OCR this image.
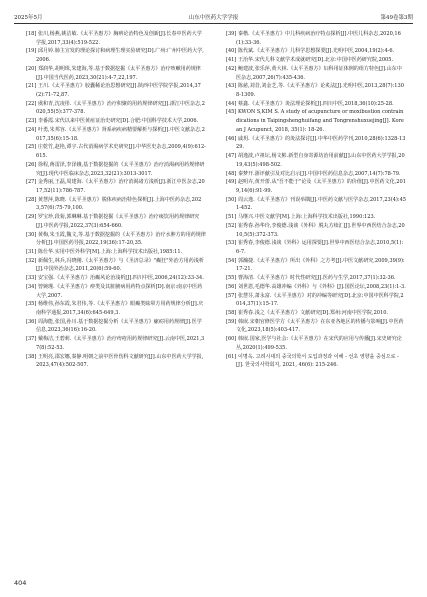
2025年5月	山东中医药大学学报	第49卷第3期

[18] 张川,杨燕,姚洁敏.《太平圣惠方》胸痹论治特色及创新[J].长春中医药大学学报,2017,33(4):519-522.

[19] 邱月婷.肺主宣发的理论探讨和病理生理实验研究[D].广州:广州中医药大学,2006.

[20] 郑润华,胡明珠,朱建海,等.基于数据挖掘《太平圣惠方》治疗咳嗽用药规律[J].中国当代医药,2023,30(21):4-7,22,197.

[21] 王川.《太平圣惠方》胶囊稀论治思想研究[J].陕西中医学院学报,2014,37(2):71-72,87.

[22] 虞和青,沈凌彤.《太平圣惠方》治疗积聚的用药规律研究[J].浙江中医杂志,2020,55(5):377-378.

[23] 李番霞.宋代以来中医黄疸证治史研究[D].合肥:中国科学技术大学,2006.

[24] 叶勇,朱邦容.《太平圣惠方》肾系病疾病精要解析与探析[J].中医文献杂志,2017,35(6):15-18.

[25] 庄乾竹,赵艳,谭宇.古代消渴病学术史研究[J].中华医史杂志,2009,4(9):612-615.

[26] 徐程,蒋雷泽,李泽娥,基于数据挖掘的《太平圣惠方》治疗消渴病用药规律研究[J].现代中医临床杂志,2023,32(21):3013-3017.

[27] 金秀丽,王磊,周建海.《太平圣惠方》治疗消渴诸方浅析[J].浙江中医杂志,2017,52(11):786-787.

[28] 黄慧萍,陈晓.《太平圣惠方》脱体疾病治特色探析[J].上海中医药杂志,2023,57(6):75-79,100.

[29] 罗宝珍,段菊,郭琳琳.基于数据挖掘《太平圣惠方》治疗痰饮用药规律研究[J].中医药学报,2022,37(3):654-660.

[30] 黄梅,朱玉霞,魏文,等.基于数据挖掘的《太平圣惠方》治疗水肿方的用药规律分析[J].中国医药导报,2022,19(36):17-20,35.

[31] 陈仕华.实用中医外科学[M].上海:上海科学技术出版社,1985:11.

[32] 新佩生,林兵,冯晓刚.《太平圣惠方》与《圣济总录》"癫狂"外治方用药浅析[J].中国外治杂志,2011,20(6):59-60.

[33] 安宝强.《太平圣惠方》治癫风论治浅析[J].四川中医,2006,24(12):33-34.

[34] 曾婉瑾.《太平圣惠方》痹类及其脏腑病用药特点探析[D].南京:南京中医药大学,2007.

[35] 杨维伟,孙东霞,朱君伟,等.《太平圣惠方》眼癫类眩晕方用药规律分析[J].庆南科学通报,2017,34(6):645-649,3.

[36] 周海能,张国,孙川.基于数据挖掘分析《太平圣惠方》瘰疬用药规律[J].医学信息,2023,36(16):16-20.

[37] 戴梅洁,王碧莉.《太平圣惠方》治疗痔疮用药规律研究[J].云南中医,2021,37(8):52-53.

[38] 王明亮,邵宏娜,秦静.明朝之前中医骨伤科文献研究[J].山东中医药大学学报,2023,47(4):502-507.

[39] 秦楷.《太平圣惠方》中儿科疾病治疗特点探析[J].中医儿科杂志,2020,16(1):33-36.

[40] 陈代斌.《太平圣惠方》儿科学思想探要[J].光明中医,2004,19(2):4-6.

[41] 王治华.宋代儿科文献学术成就研究[D].北京:中国中医药研究院,2005.

[42] 鲍建波,张乐萍,黄大林.《太平圣惠方》妇科用证体例的组方特色[J].山东中医杂志,2007,26(7):435-436.

[43] 陈慈,刘昔,刘金芝,等.《太平圣惠方》论炙法[J].光明中医,2013,28(7):1308-1309.

[44] 蔡鑫.《太平圣惠方》灸法理论探析[J].四川中医,2018,36(10):25-28.

[45] KWON S,KIM S. A study of acupuncture or moxibustion contraindications in Taipingshenghuifang and Tongrenshuxuejing[J]. Korean J Acupunct, 2018, 35(1): 18-26.

[46] 戚玥.《太平圣惠方》的灸法探讨[J].中华中医药学刊,2010,28(6):1328-1329.

[47] 胡逸波,卢祖坛,杨文彬.新型自身寄源坊治用前献[J].山东中医药大学学报,2019,43(5):498-502.

[48] 秦梦开.浙评献引及对比启示[J].中国中医药信息杂志,2007,14(7):78-79.

[49] 赵明卉,黄开蕾.从"吾不能于"论及《太平圣惠方》的价值[J].中医药文化,2019,14(6):91-99.

[50] 周云逸.《太平圣惠方》刊误举隅[J].中医药文献与医学杂志,2017,23(4):451-452.

[51] 马继兴.中医文献学[M].上海:上海科学技术出版社,1990:123.

[52] 崔秀春.孙华玲,李俊德.浅谈《外科》脱丸方续汇[J].世界中西医结合杂志,2010,5(5):372-373.

[53] 崔秀春,李俊德.浅谈《外科》运用探要[J].世界中西医结合杂志,2010,5(1):6-7.

[54] 郭瀚捷.《太平圣惠方》所出《外科》之方考[J].中医文献研究,2009,39(9):17-21.

[55] 曹海清.《太平圣惠方》时代性研究[J].医药与生学,2017,37(1):32-36.

[56] 刘世恩,毛德华.高雄冲编《外科》与《外科》[J].国医论坛,2008,23(1):1-3.

[57] 张慧芬,萧永富.《太平圣惠方》对的冲编等研究[D].北京:中国中医科学院,2014,37(1):15-17.

[58] 崔秀春.浅之《太平圣惠方》文献研究[D].郑州:河南中医学院,2010.

[59] 韩嵌.宋朝官修医学方《太平圣惠方》在东亚各地区的传播与影响[J].中医药文化,2023,18(5):403-417.

[60] 韩嵌.国家,医学与社会:《太平圣惠方》在宋代的应用与传播[J].宋史研究论丛,2020(1):499-535.

[61] 이명옥. 고려시대의 중국의학서 도입과정과 이해 - 선초 영향을 중심으로 - [J]. 한국의사학회지, 2021, 46(6): 215-246.

404
